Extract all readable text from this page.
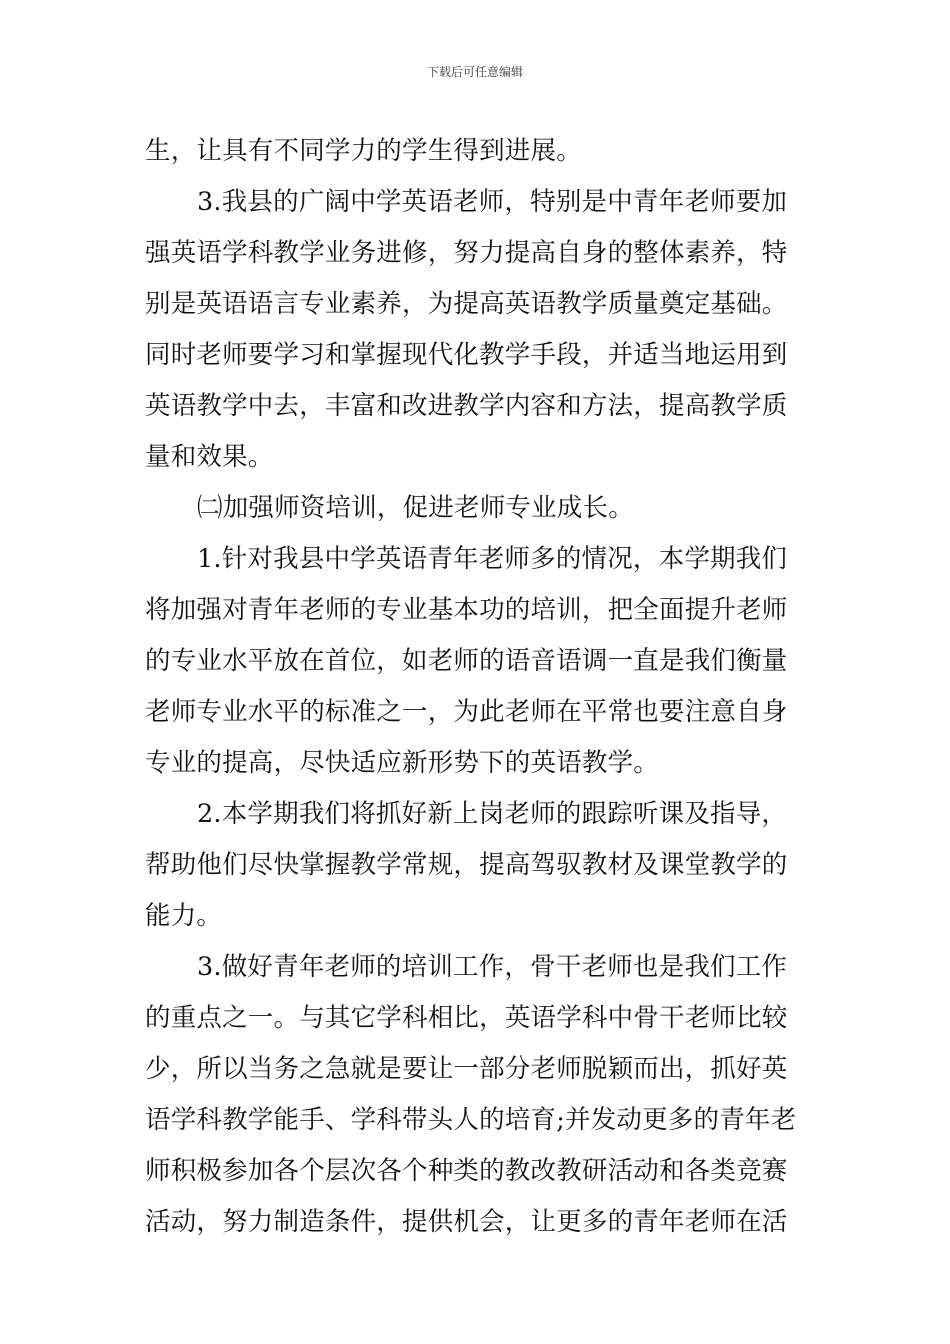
下载后可任意编辑
生，让具有不同学力的学生得到进展。
3.我县的广阔中学英语老师，特别是中青年老师要加
强英语学科教学业务进修，努力提高自身的整体素养，特
别是英语语言专业素养，为提高英语教学质量奠定基础。
同时老师要学习和掌握现代化教学手段，并适当地运用到
英语教学中去，丰富和改进教学内容和方法，提高教学质
量和效果。
㈡加强师资培训，促进老师专业成长。
1.针对我县中学英语青年老师多的情况，本学期我们
将加强对青年老师的专业基本功的培训，把全面提升老师
的专业水平放在首位，如老师的语音语调一直是我们衡量
老师专业水平的标准之一，为此老师在平常也要注意自身
专业的提高，尽快适应新形势下的英语教学。
2.本学期我们将抓好新上岗老师的跟踪听课及指导，
帮助他们尽快掌握教学常规，提高驾驭教材及课堂教学的
能力。
3.做好青年老师的培训工作，骨干老师也是我们工作
的重点之一。与其它学科相比，英语学科中骨干老师比较
少，所以当务之急就是要让一部分老师脱颖而出，抓好英
语学科教学能手、学科带头人的培育;并发动更多的青年老
师积极参加各个层次各个种类的教改教研活动和各类竞赛
活动，努力制造条件，提供机会，让更多的青年老师在活
